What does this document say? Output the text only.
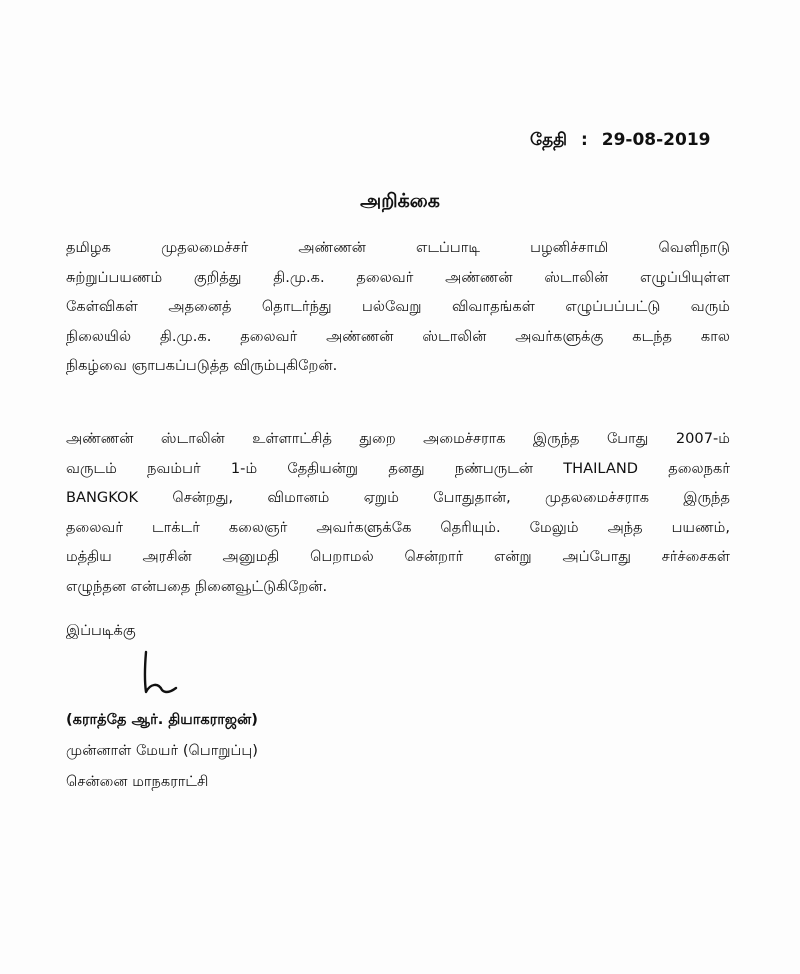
தேதி : 29-08-2019
அறிக்கை
தமிழக முதலமைச்சர் அண்ணன் எடப்பாடி பழனிச்சாமி வெளிநாடு
சுற்றுப்பயணம் குறித்து தி.மு.க. தலைவர் அண்ணன் ஸ்டாலின் எழுப்பியுள்ள
கேள்விகள் அதனைத் தொடர்ந்து பல்வேறு விவாதங்கள் எழுப்பப்பட்டு வரும்
நிலையில் தி.மு.க. தலைவர் அண்ணன் ஸ்டாலின் அவர்களுக்கு கடந்த கால
நிகழ்வை ஞாபகப்படுத்த விரும்புகிறேன்.
அண்ணன் ஸ்டாலின் உள்ளாட்சித் துறை அமைச்சராக இருந்த போது 2007-ம்
வருடம் நவம்பர் 1-ம் தேதியன்று தனது நண்பருடன் THAILAND தலைநகர்
BANGKOK சென்றது, விமானம் ஏறும் போதுதான், முதலமைச்சராக இருந்த
தலைவர் டாக்டர் கலைஞர் அவர்களுக்கே தெரியும். மேலும் அந்த பயணம்,
மத்திய அரசின் அனுமதி பெறாமல் சென்றார் என்று அப்போது சர்ச்சைகள்
எழுந்தன என்பதை நினைவூட்டுகிறேன்.
இப்படிக்கு
(கராத்தே ஆர். தியாகராஜன்)
முன்னாள் மேயர் (பொறுப்பு)
சென்னை மாநகராட்சி
